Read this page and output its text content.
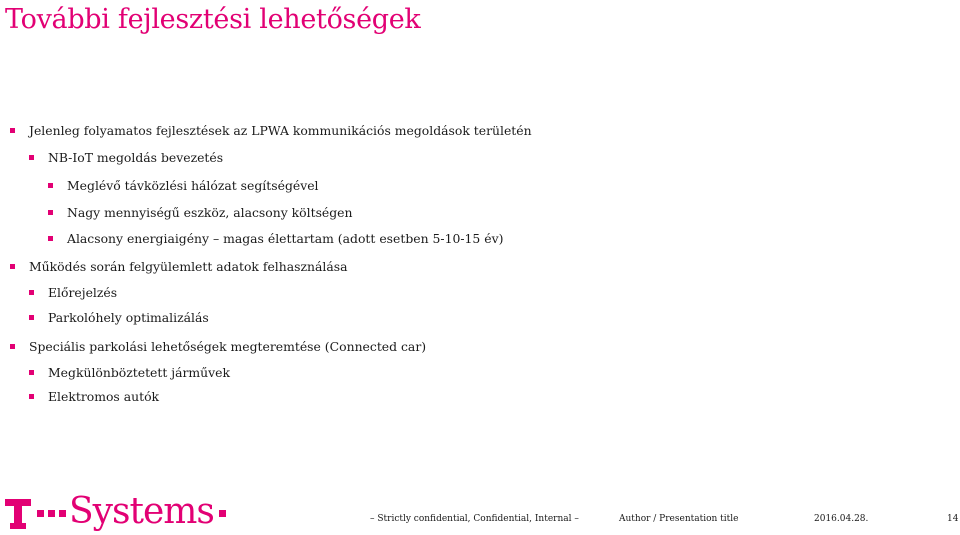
További fejlesztési lehetőségek
Jelenleg folyamatos fejlesztések az LPWA kommunikációs megoldások területén
NB-IoT megoldás bevezetés
Meglévő távközlési hálózat segítségével
Nagy mennyiségű eszköz, alacsony költségen
Alacsony energiaigény – magas élettartam (adott esetben 5-10-15 év)
Működés során felgyülemlett adatok felhasználása
Előrejelzés
Parkolóhely optimalizálás
Speciális parkolási lehetőségek megteremtése (Connected car)
Megkülönböztetett járművek
Elektromos autók
Systems	– Strictly confidential, Confidential, Internal –	Author / Presentation title	2016.04.28.	14
